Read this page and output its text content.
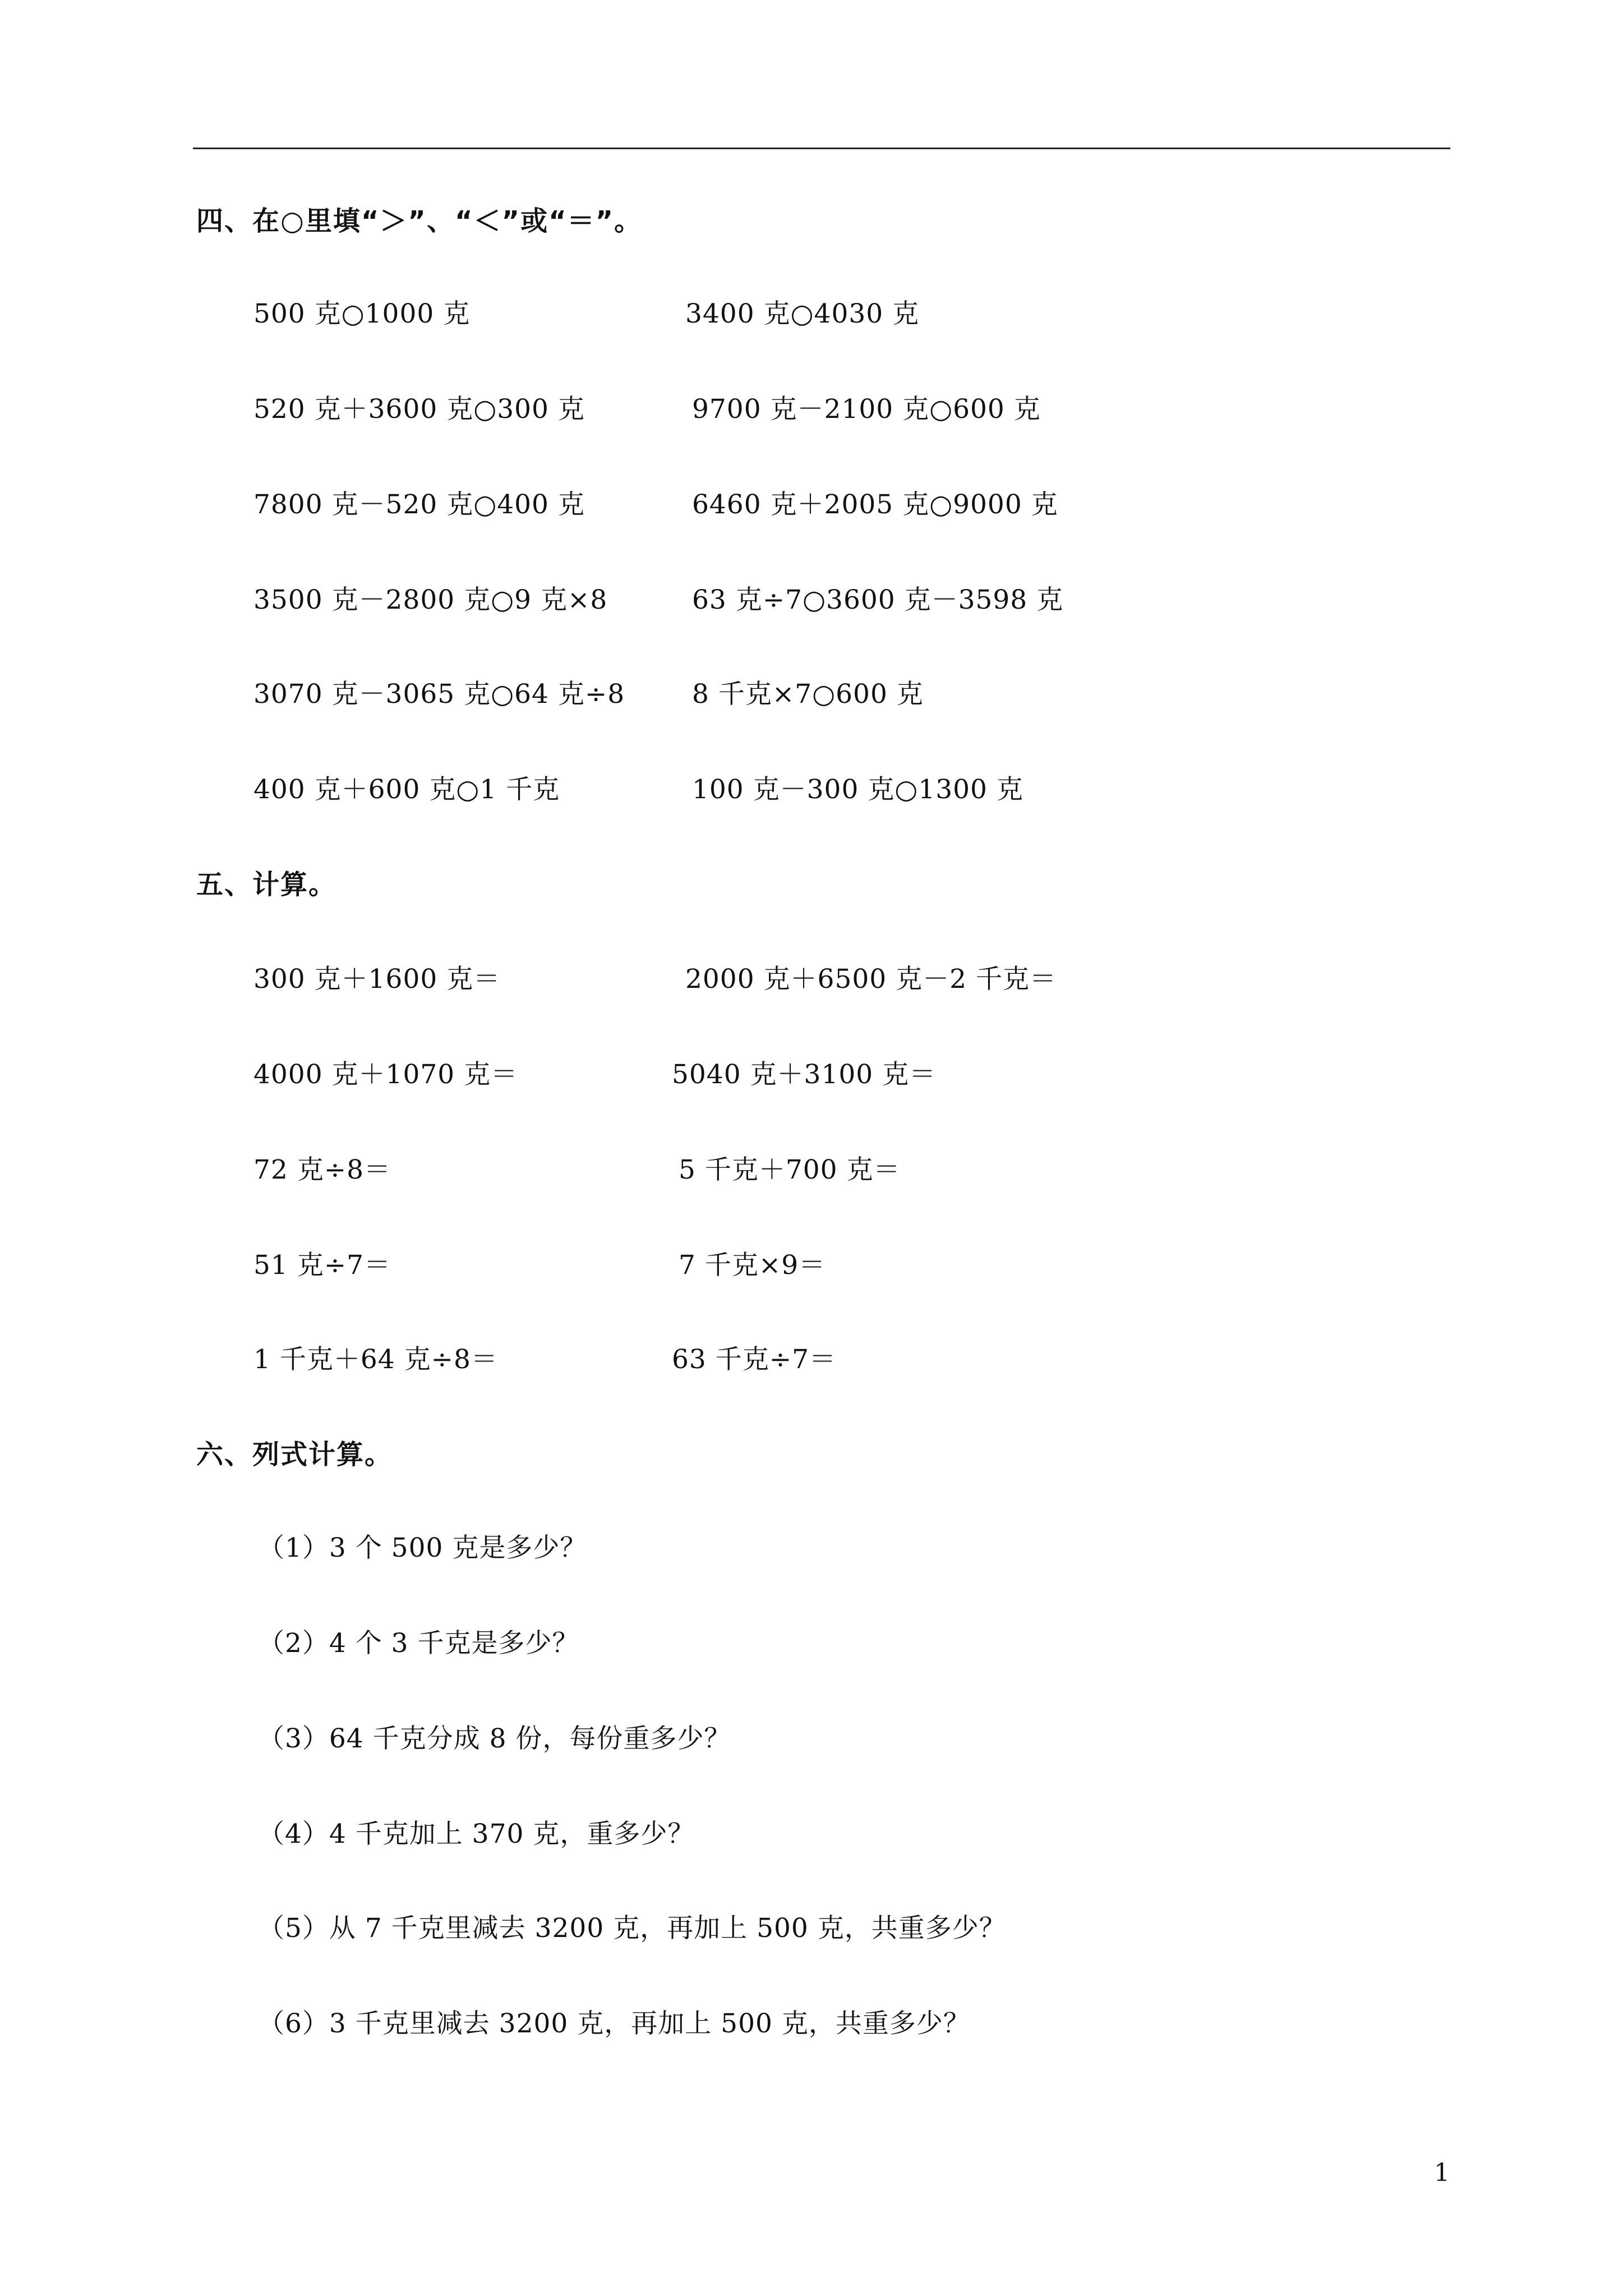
四、在○里填“＞”、“＜”或“＝”。
500 克○1000 克	3400 克○4030 克
520 克＋3600 克○300 克	9700 克－2100 克○600 克
7800 克－520 克○400 克	6460 克＋2005 克○9000 克
3500 克－2800 克○9 克×8	63 克÷7○3600 克－3598 克
3070 克－3065 克○64 克÷8	8 千克×7○600 克
400 克＋600 克○1 千克	100 克－300 克○1300 克
五、计算。
300 克＋1600 克＝	2000 克＋6500 克－2 千克＝
4000 克＋1070 克＝	5040 克＋3100 克＝
72 克÷8＝	5 千克＋700 克＝
51 克÷7＝	7 千克×9＝
1 千克＋64 克÷8＝	63 千克÷7＝
六、列式计算。
（1）3 个 500 克是多少？
（2）4 个 3 千克是多少？
（3）64 千克分成 8 份，每份重多少？
（4）4 千克加上 370 克，重多少？
（5）从 7 千克里减去 3200 克，再加上 500 克，共重多少？
（6）3 千克里减去 3200 克，再加上 500 克，共重多少？
1
